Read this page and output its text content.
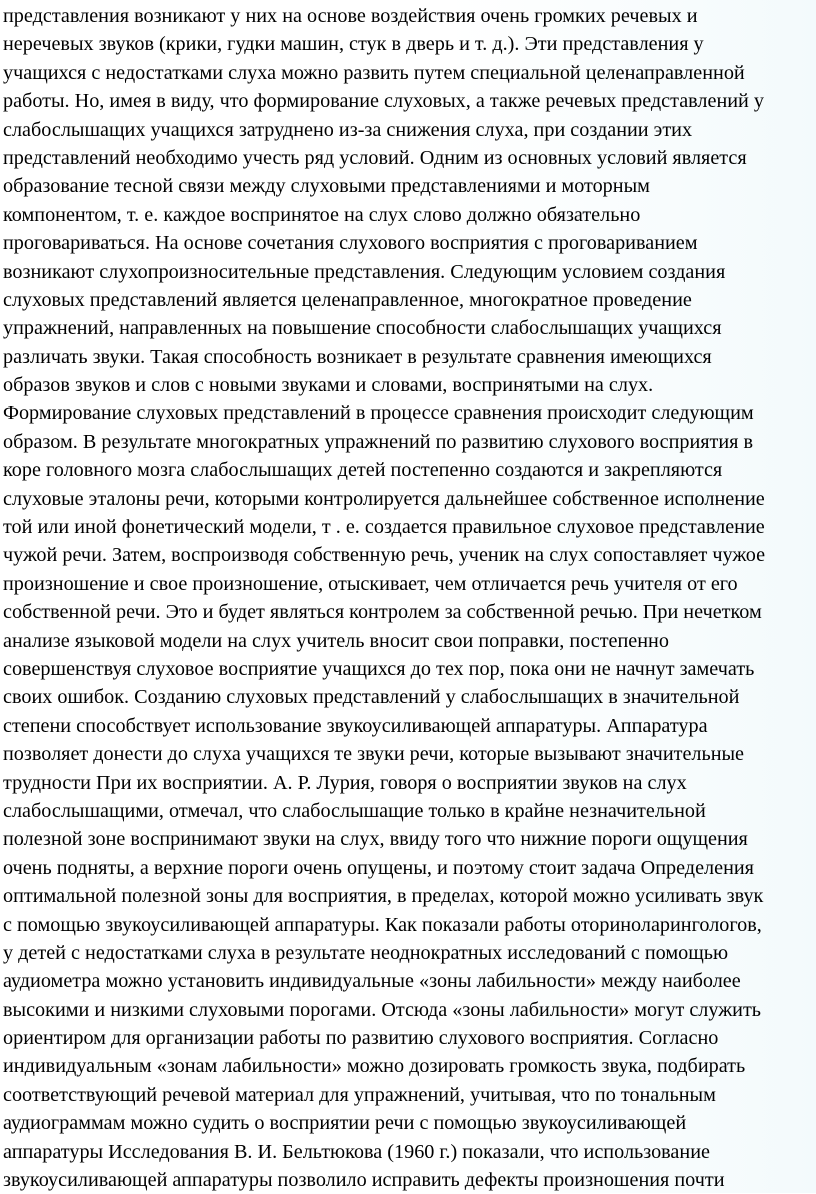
представления возникают у них на основе воздействия очень громких речевых и
неречевых звуков (крики, гудки машин, стук в дверь и т. д.). Эти представления у
учащихся с недостатками слуха можно развить путем специальной целенаправленной
работы. Но, имея в виду, что формирование слуховых, а также речевых представлений у
слабослышащих учащихся затруднено из-за снижения слуха, при создании этих
представлений необходимо учесть ряд условий. Одним из основных условий является
образование тесной связи между слуховыми представлениями и моторным
компонентом, т. е. каждое воспринятое на слух слово должно обязательно
проговариваться. На основе сочетания слухового восприятия с проговариванием
возникают слухопроизносительные представления. Следующим условием создания
слуховых представлений является целенаправленное, многократное проведение
упражнений, направленных на повышение способности слабослышащих учащихся
различать звуки. Такая способность возникает в результате сравнения имеющихся
образов звуков и слов с новыми звуками и словами, воспринятыми на слух.
Формирование слуховых представлений в процессе сравнения происходит следующим
образом. В результате многократных упражнений по развитию слухового восприятия в
коре головного мозга слабослышащих детей постепенно создаются и закрепляются
слуховые эталоны речи, которыми контролируется дальнейшее собственное исполнение
той или иной фонетический модели, т . е. создается правильное слуховое представление
чужой речи. Затем, воспроизводя собственную речь, ученик на слух сопоставляет чужое
произношение и свое произношение, отыскивает, чем отличается речь учителя от его
собственной речи. Это и будет являться контролем за собственной речью. При нечетком
анализе языковой модели на слух учитель вносит свои поправки, постепенно
совершенствуя слуховое восприятие учащихся до тех пор, пока они не начнут замечать
своих ошибок. Созданию слуховых представлений у слабослышащих в значительной
степени способствует использование звукоусиливающей аппаратуры. Аппаратура
позволяет донести до слуха учащихся те звуки речи, которые вызывают значительные
трудности При их восприятии. А. Р. Лурия, говоря о восприятии звуков на слух
слабослышащими, отмечал, что слабослышащие только в крайне незначительной
полезной зоне воспринимают звуки на слух, ввиду того что нижние пороги ощущения
очень подняты, а верхние пороги очень опущены, и поэтому стоит задача Определения
оптимальной полезной зоны для восприятия, в пределах, которой можно усиливать звук
с помощью звукоусиливающей аппаратуры. Как показали работы оториноларингологов,
у детей с недостатками слуха в результате неоднократных исследований с помощью
аудиометра можно установить индивидуальные «зоны лабильности» между наиболее
высокими и низкими слуховыми порогами. Отсюда «зоны лабильности» могут служить
ориентиром для организации работы по развитию слухового восприятия. Согласно
индивидуальным «зонам лабильности» можно дозировать громкость звука, подбирать
соответствующий речевой материал для упражнений, учитывая, что по тональным
аудиограммам можно судить о восприятии речи с помощью звукоусиливающей
аппаратуры Исследования В. И. Бельтюкова (1960 г.) показали, что использование
звукоусиливающей аппаратуры позволило исправить дефекты произношения почти
